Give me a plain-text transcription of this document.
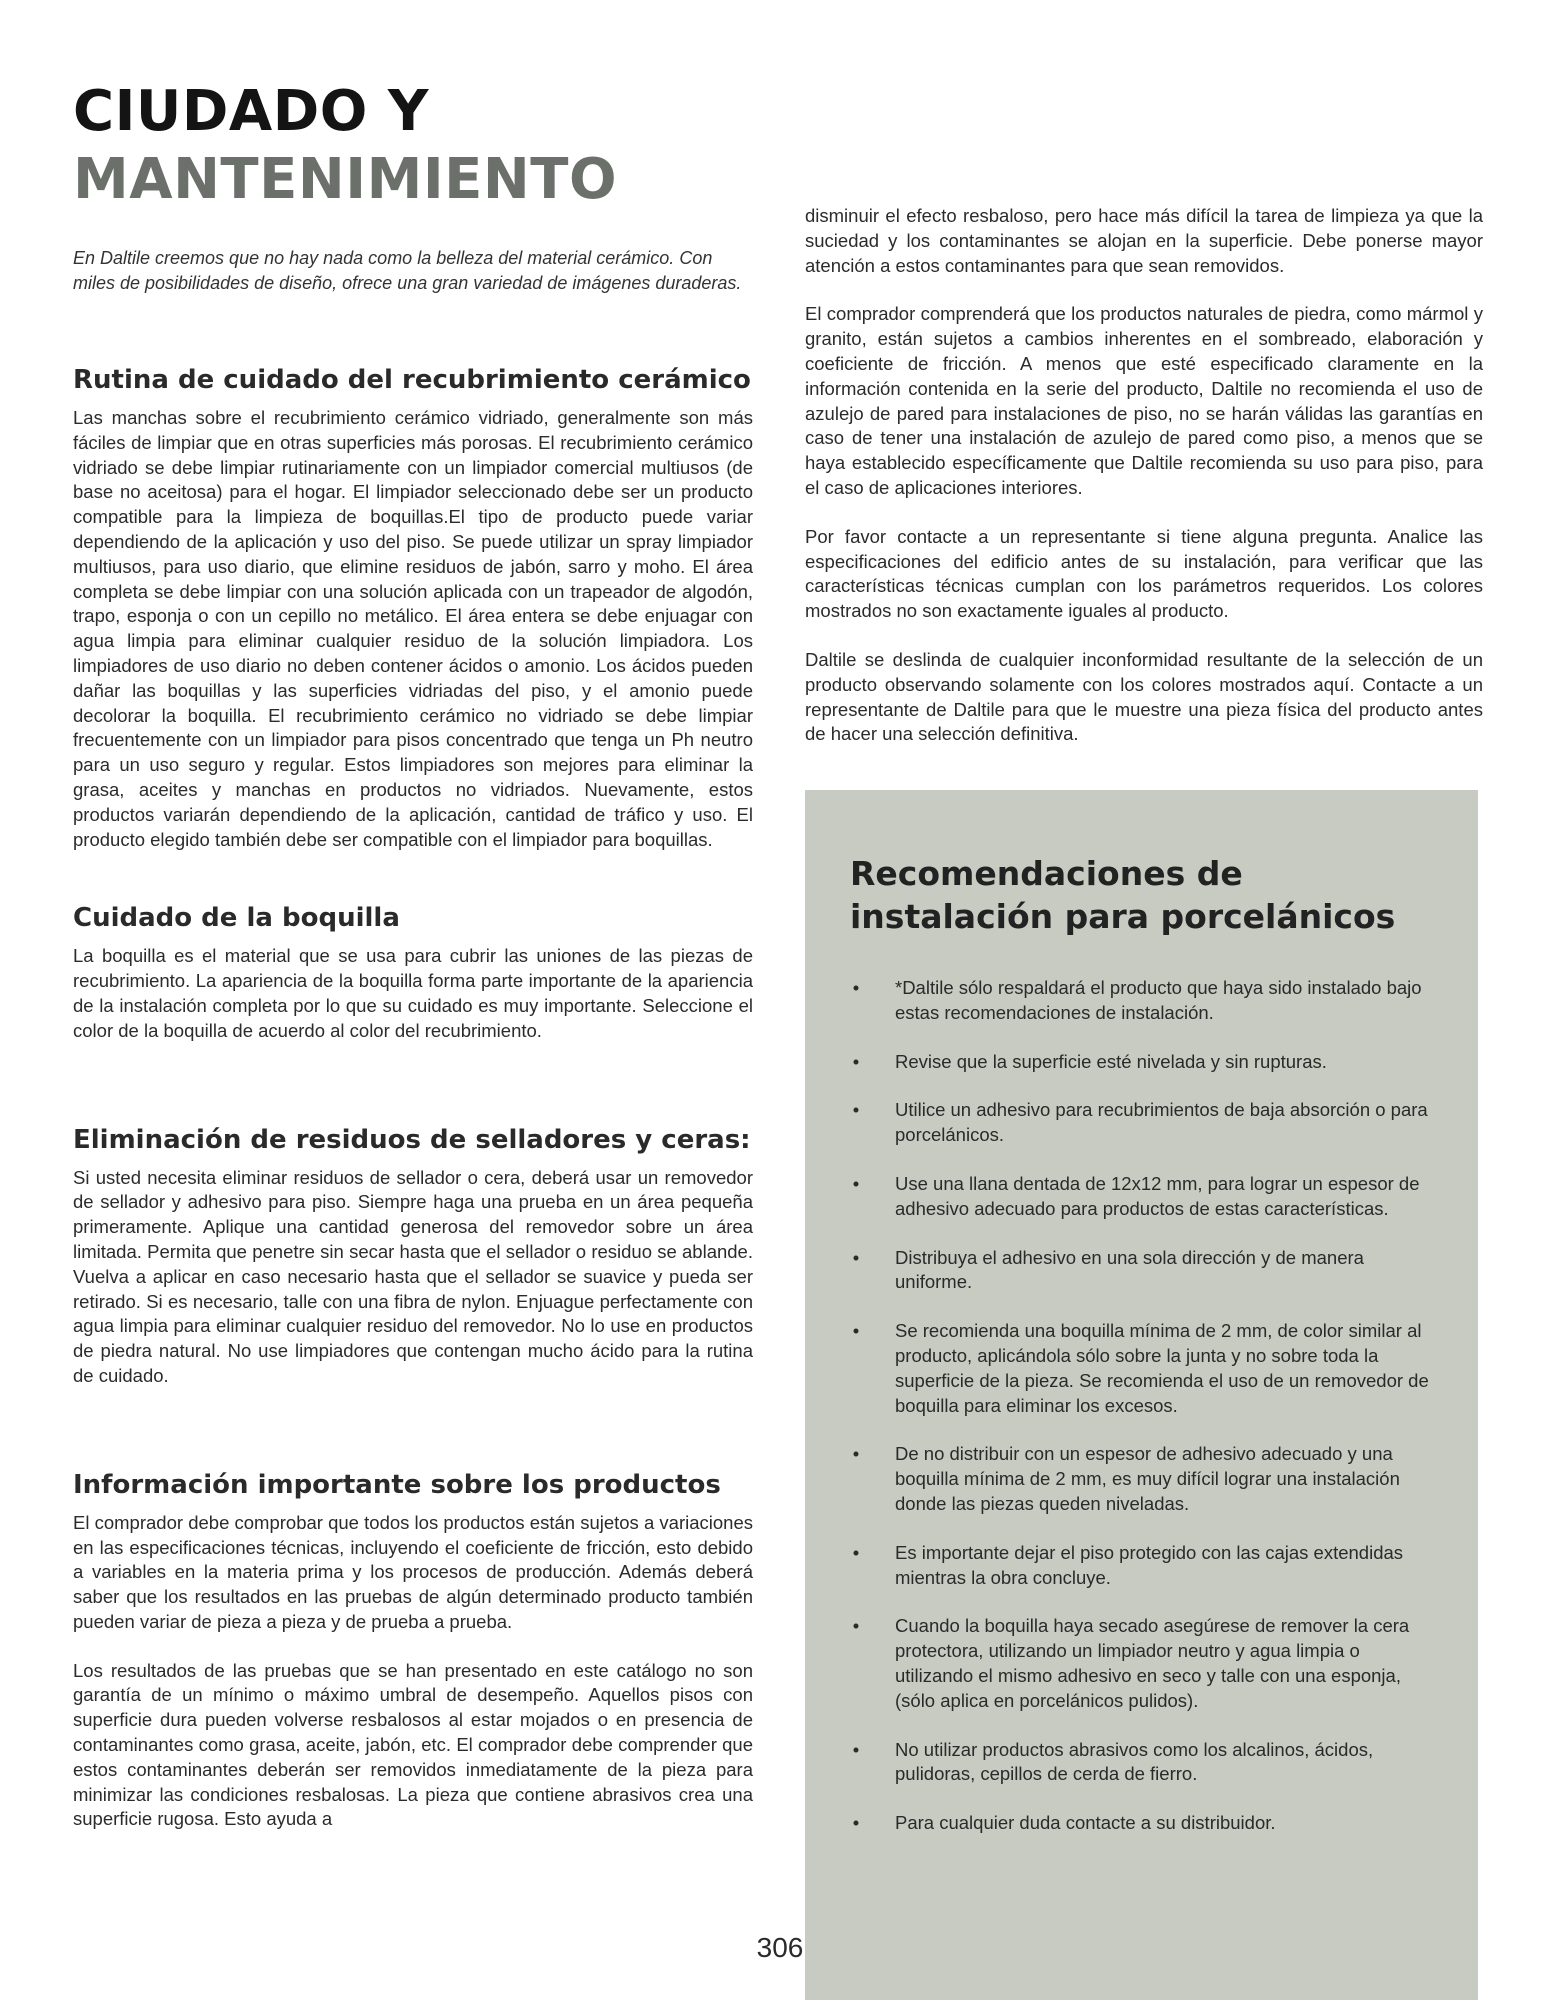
CIUDADO Y
MANTENIMIENTO

En Daltile creemos que no hay nada como la belleza del material cerámico. Con miles de posibilidades de diseño, ofrece una gran variedad de imágenes duraderas.

Rutina de cuidado del recubrimiento cerámico

Las manchas sobre el recubrimiento cerámico vidriado, generalmente son más fáciles de limpiar que en otras superficies más porosas. El recubrimiento cerámico vidriado se debe limpiar rutinariamente con un limpiador comercial multiusos (de base no aceitosa) para el hogar. El limpiador seleccionado debe ser un producto compatible para la limpieza de boquillas.El tipo de producto puede variar dependiendo de la aplicación y uso del piso. Se puede utilizar un spray limpiador multiusos, para uso diario, que elimine residuos de jabón, sarro y moho. El área completa se debe limpiar con una solución aplicada con un trapeador de algodón, trapo, esponja o con un cepillo no metálico. El área entera se debe enjuagar con agua limpia para eliminar cualquier residuo de la solución limpiadora. Los limpiadores de uso diario no deben contener ácidos o amonio. Los ácidos pueden dañar las boquillas y las superficies vidriadas del piso, y el amonio puede decolorar la boquilla. El recubrimiento cerámico no vidriado se debe limpiar frecuentemente con un limpiador para pisos concentrado que tenga un Ph neutro para un uso seguro y regular. Estos limpiadores son mejores para eliminar la grasa, aceites y manchas en productos no vidriados. Nuevamente, estos productos variarán dependiendo de la aplicación, cantidad de tráfico y uso. El producto elegido también debe ser compatible con el limpiador para boquillas.

Cuidado de la boquilla

La boquilla es el material que se usa para cubrir las uniones de las piezas de recubrimiento. La apariencia de la boquilla forma parte importante de la apariencia de la instalación completa por lo que su cuidado es muy importante. Seleccione el color de la boquilla de acuerdo al color del recubrimiento.

Eliminación de residuos de selladores y ceras:

Si usted necesita eliminar residuos de sellador o cera, deberá usar un removedor de sellador y adhesivo para piso. Siempre haga una prueba en un área pequeña primeramente. Aplique una cantidad generosa del removedor sobre un área limitada. Permita que penetre sin secar hasta que el sellador o residuo se ablande. Vuelva a aplicar en caso necesario hasta que el sellador se suavice y pueda ser retirado. Si es necesario, talle con una fibra de nylon. Enjuague perfectamente con agua limpia para eliminar cualquier residuo del removedor. No lo use en productos de piedra natural. No use limpiadores que contengan mucho ácido para la rutina de cuidado.

Información importante sobre los productos

El comprador debe comprobar que todos los productos están sujetos a variaciones en las especificaciones técnicas, incluyendo el coeficiente de fricción, esto debido a variables en la materia prima y los procesos de producción. Además deberá saber que los resultados en las pruebas de algún determinado producto también pueden variar de pieza a pieza y de prueba a prueba.

Los resultados de las pruebas que se han presentado en este catálogo no son garantía de un mínimo o máximo umbral de desempeño. Aquellos pisos con superficie dura pueden volverse resbalosos al estar mojados o en presencia de contaminantes como grasa, aceite, jabón, etc. El comprador debe comprender que estos contaminantes deberán ser removidos inmediatamente de la pieza para minimizar las condiciones resbalosas. La pieza que contiene abrasivos crea una superficie rugosa. Esto ayuda a

disminuir el efecto resbaloso, pero hace más difícil la tarea de limpieza ya que la suciedad y los contaminantes se alojan en la superficie. Debe ponerse mayor atención a estos contaminantes para que sean removidos.

El comprador comprenderá que los productos naturales de piedra, como mármol y granito, están sujetos a cambios inherentes en el sombreado, elaboración y coeficiente de fricción. A menos que esté especificado claramente en la información contenida en la serie del producto, Daltile no recomienda el uso de azulejo de pared para instalaciones de piso, no se harán válidas las garantías en caso de tener una instalación de azulejo de pared como piso, a menos que se haya establecido específicamente que Daltile recomienda su uso para piso, para el caso de aplicaciones interiores.

Por favor contacte a un representante si tiene alguna pregunta. Analice las especificaciones del edificio antes de su instalación, para verificar que las características técnicas cumplan con los parámetros requeridos. Los colores mostrados no son exactamente iguales al producto.

Daltile se deslinda de cualquier inconformidad resultante de la selección de un producto observando solamente con los colores mostrados aquí. Contacte a un representante de Daltile para que le muestre una pieza física del producto antes de hacer una selección definitiva.

Recomendaciones de instalación para porcelánicos
• *Daltile sólo respaldará el producto que haya sido instalado bajo estas recomendaciones de instalación.
• Revise que la superficie esté nivelada y sin rupturas.
• Utilice un adhesivo para recubrimientos de baja absorción o para porcelánicos.
• Use una llana dentada de 12x12 mm, para lograr un espesor de adhesivo adecuado para productos de estas características.
• Distribuya el adhesivo en una sola dirección y de manera uniforme.
• Se recomienda una boquilla mínima de 2 mm, de color similar al producto, aplicándola sólo sobre la junta y no sobre toda la superficie de la pieza. Se recomienda el uso de un removedor de boquilla para eliminar los excesos.
• De no distribuir con un espesor de adhesivo adecuado y una boquilla mínima de 2 mm, es muy difícil lograr una instalación donde las piezas queden niveladas.
• Es importante dejar el piso protegido con las cajas extendidas mientras la obra concluye.
• Cuando la boquilla haya secado asegúrese de remover la cera protectora, utilizando un limpiador neutro y agua limpia o utilizando el mismo adhesivo en seco y talle con una esponja, (sólo aplica en porcelánicos pulidos).
• No utilizar productos abrasivos como los alcalinos, ácidos, pulidoras, cepillos de cerda de fierro.
• Para cualquier duda contacte a su distribuidor.
306
